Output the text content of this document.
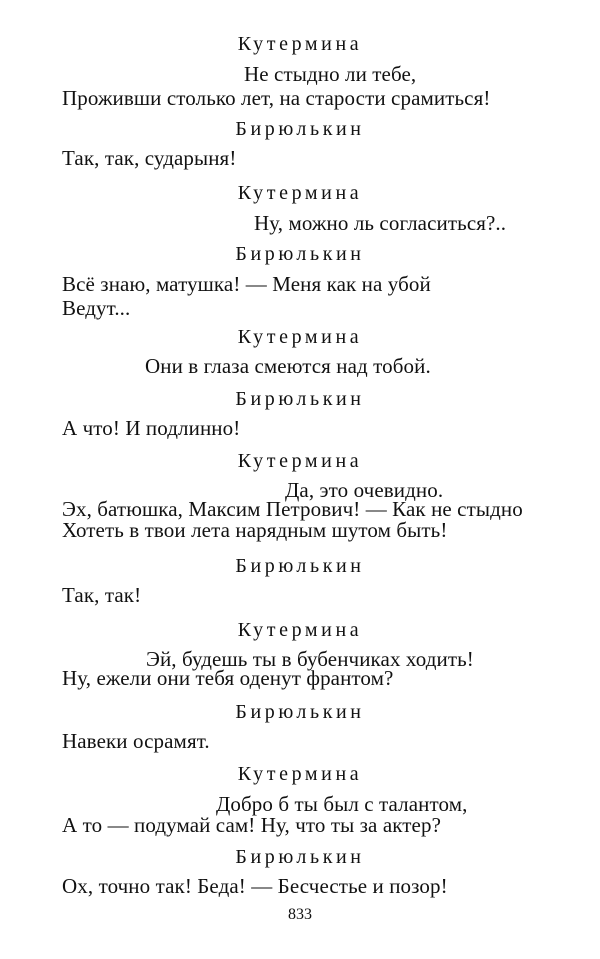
Кутермина
Не стыдно ли тебе,
Проживши столько лет, на старости срамиться!
Бирюлькин
Так, так, сударыня!
Кутермина
Ну, можно ль согласиться?..
Бирюлькин
Всё знаю, матушка! — Меня как на убой
Ведут...
Кутермина
Они в глаза смеются над тобой.
Бирюлькин
А что! И подлинно!
Кутермина
Да, это очевидно.
Эх, батюшка, Максим Петрович! — Как не стыдно
Хотеть в твои лета нарядным шутом быть!
Бирюлькин
Так, так!
Кутермина
Эй, будешь ты в бубенчиках ходить!
Ну, ежели они тебя оденут франтом?
Бирюлькин
Навеки осрамят.
Кутермина
Добро б ты был с талантом,
А то — подумай сам! Ну, что ты за актер?
Бирюлькин
Ох, точно так! Беда! — Бесчестье и позор!
833
